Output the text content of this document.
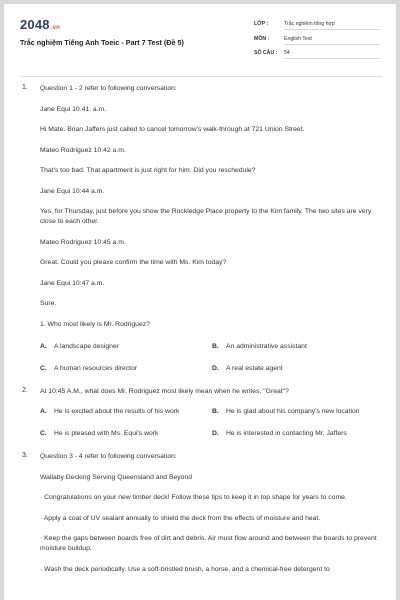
2048.vn
Trắc nghiệm Tiếng Anh Toeic - Part 7 Test (Đề 5)
LỚP :	Trắc nghiệm tổng hợp
MÔN :	English Test
SỐ CÂU : 54
1. Question 1 - 2 refer to following conversation:

Jane Equi 10.41. a.m.

Hi Mate. Brian Jaffers just called to cancel tomorrow's walk-through at 721 Union Street.

Mateo Rodriguez 10:42 a.m.

That's too bad. That apartment is just right for him. Did you reschedule?

Jane Equi 10:44 a.m.

Yes, for Thursday, just before you show the Rockledge Place property to the Kim family. The two sites are very close to each other.

Mateo Rodriguez 10:45 a.m.

Great. Could you pleaxe confirm the time with Ms. Kim today?

Jane Equi 10:47 a.m.

Sure.

1. Who most likely is Mr. Rodriguez?

A.	A landscape designer	B.	An administrative assistant
C.	A human resources director	D.	A real estate agent
2. At 10:45 A.M., what does Mr. Rodriguez most likely mean when he writes, "Great"?

A.	He is excited about the results of his work	B.	He is glad about his company's new location
C.	He is pleased with Ms. Equi's work	D.	He is interested in contacting Mr. Jaffers
3. Question 3 - 4 refer to following conversation:

Wallaby Decking Serving Queensland and Beyond

· Congratulations on your new timber deck! Follow these tips to keep it in top shape for years to come.

· Apply a coat of UV sealant annually to shield the deck from the effects of moisture and heat.

· Keep the gaps between boards free of dirt and debris. Air must flow around and between the boards to prevent moisture buildup.

· Wash the deck periodically. Use a soft-bristled brush, a horse, and a chemical-free detergent to
